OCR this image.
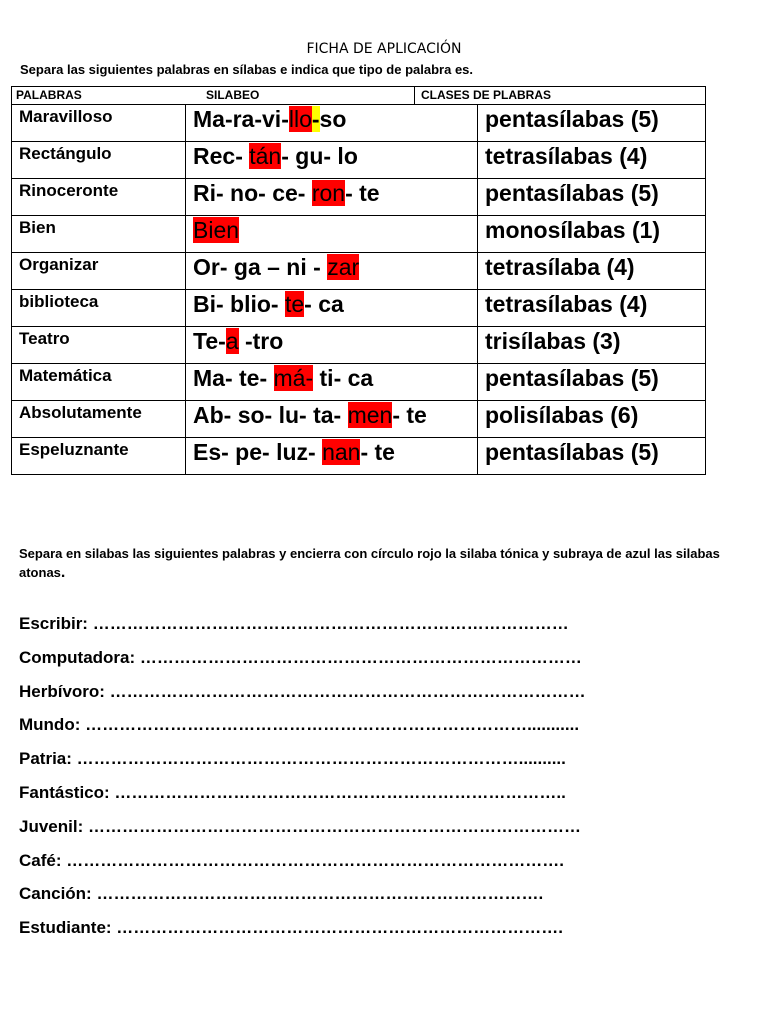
FICHA DE APLICACIÓN
Separa las siguientes palabras en sílabas e indica que tipo de palabra es.
PALABRAS	SILABEO	CLASES DE PLABRAS
Maravilloso	Ma-ra-vi-llo-so	pentasílabas (5)
Rectángulo	Rec- tán- gu- lo	tetrasílabas (4)
Rinoceronte	Ri- no- ce- ron- te	pentasílabas (5)
Bien	Bien	monosílabas (1)
Organizar	Or- ga – ni - zar	tetrasílaba (4)
biblioteca	Bi- blio- te- ca	tetrasílabas (4)
Teatro	Te-a -tro	trisílabas (3)
Matemática	Ma- te- má- ti- ca	pentasílabas (5)
Absolutamente	Ab- so- lu- ta- men- te	polisílabas (6)
Espeluznante	Es- pe- luz- nan- te	pentasílabas (5)
Separa en silabas las siguientes palabras y encierra con círculo rojo la silaba tónica y subraya de azul las silabas atonas.
Escribir: …………………………………………………………………………
Computadora: ……………………………………………………………………
Herbívoro: …………………………………………………………………………
Mundo: ……………………………………………………………………...........
Patria: ……………………………………………………………………..........
Fantástico: ……………………………………………………………………..
Juvenil: ……………………………………………………………………………
Café: …………………………………………………………………………….
Canción: …………………………………………………………………….
Estudiante: …………………………………………………………………….
